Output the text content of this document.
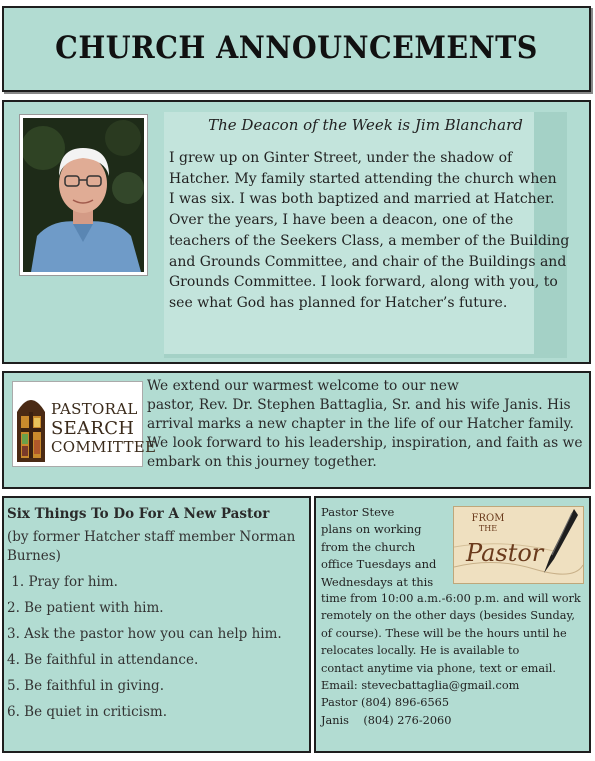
CHURCH ANNOUNCEMENTS
The Deacon of the Week is Jim Blanchard

I grew up on Ginter Street, under the shadow of
Hatcher. My family started attending the church when
I was six. I was both baptized and married at Hatcher.
Over the years, I have been a deacon, one of the
teachers of the Seekers Class, a member of the Building
and Grounds Committee, and chair of the Buildings and
Grounds Committee. I look forward, along with you, to
see what God has planned for Hatcher’s future.

PASTORAL
SEARCH
COMMITTEE

We extend our warmest welcome to our new
pastor, Rev. Dr. Stephen Battaglia, Sr. and his wife Janis. His
arrival marks a new chapter in the life of our Hatcher family.
We look forward to his leadership, inspiration, and faith as we
embark on this journey together.

Six Things To Do For A New Pastor
(by former Hatcher staff member Norman Burnes)
1. Pray for him.
2. Be patient with him.
3. Ask the pastor how you can help him.
4. Be faithful in attendance.
5. Be faithful in giving.
6. Be quiet in criticism.

Pastor Steve
plans on working
from the church
office Tuesdays and
Wednesdays at this

FROM
THE
Pastor

time from 10:00 a.m.-6:00 p.m. and will work
remotely on the other days (besides Sunday,
of course). These will be the hours until he
relocates locally. He is available to
contact anytime via phone, text or email.
Email: stevecbattaglia@gmail.com
Pastor (804) 896-6565
Janis    (804) 276-2060
